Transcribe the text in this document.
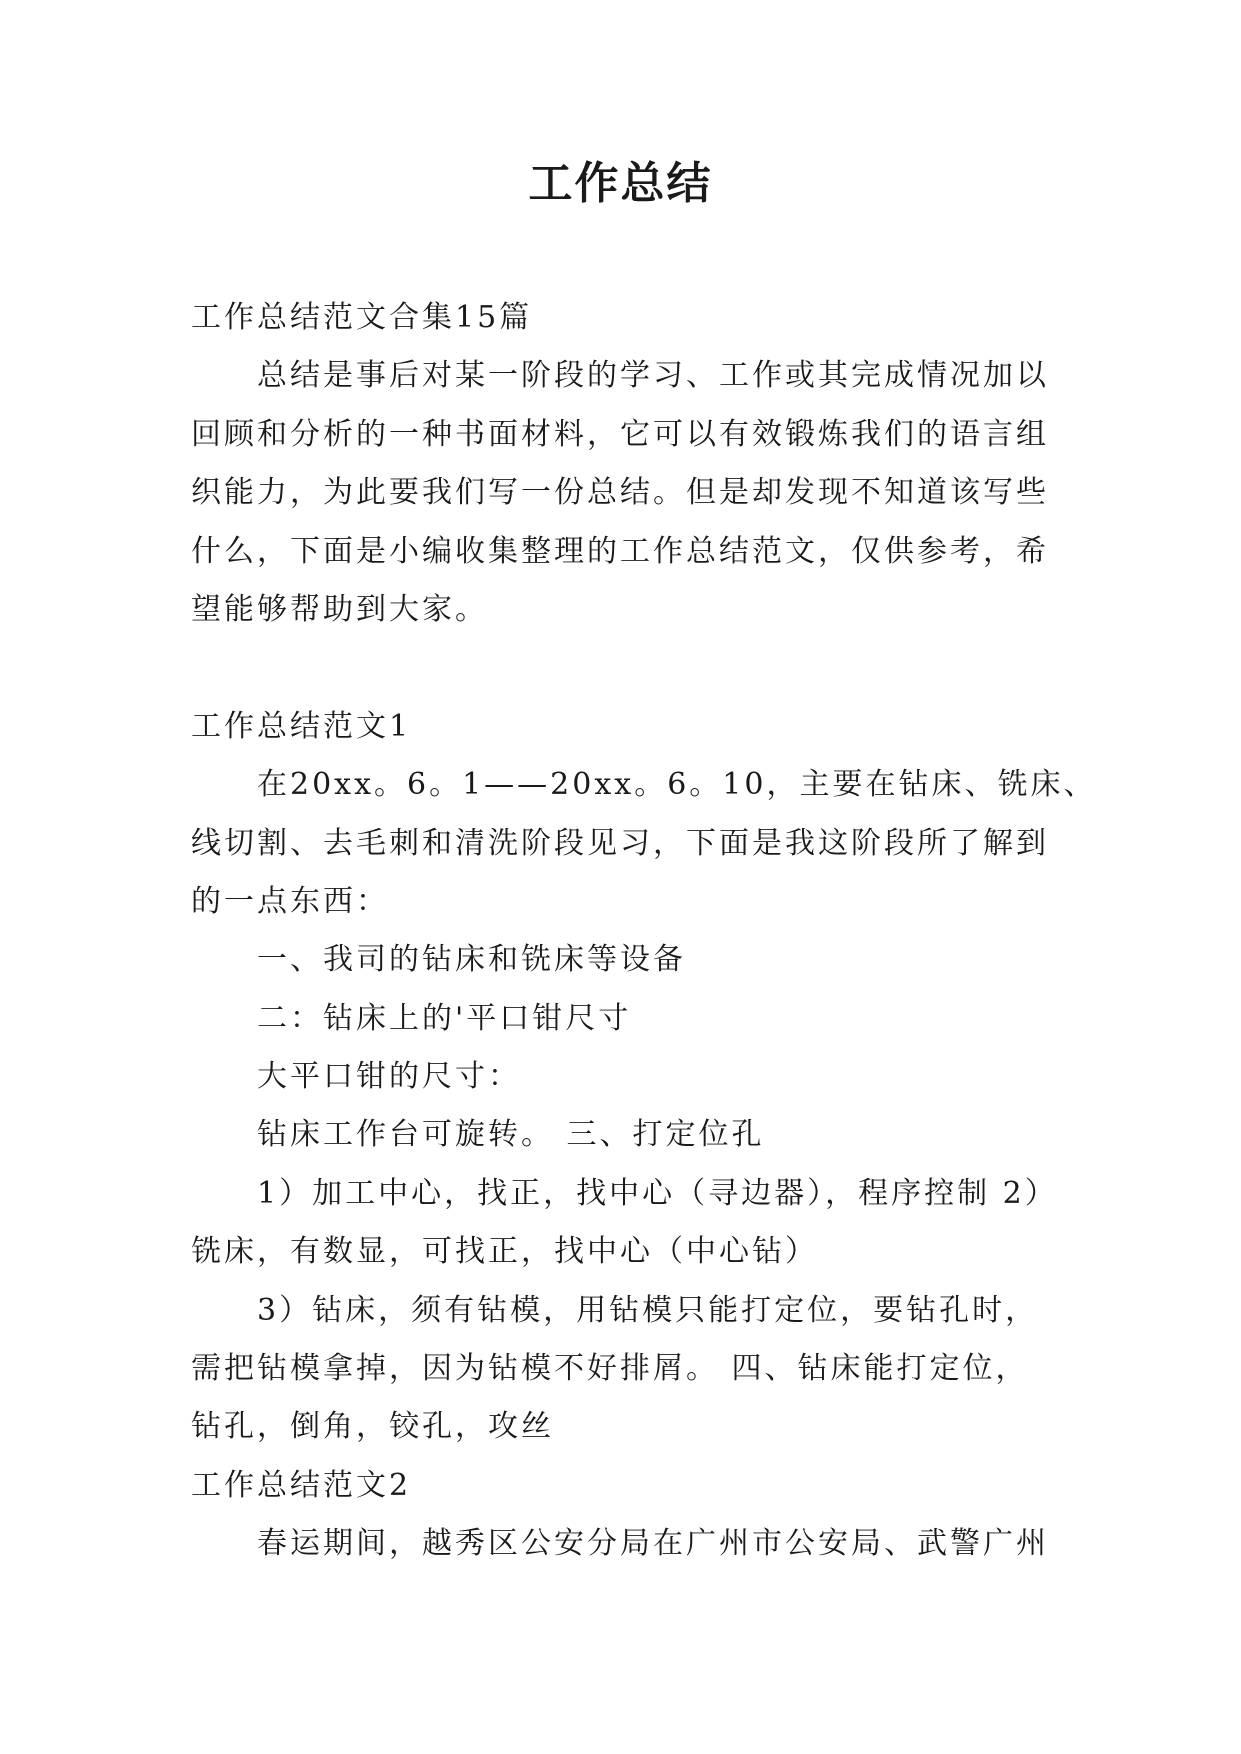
工作总结
工作总结范文合集15篇
总结是事后对某一阶段的学习、工作或其完成情况加以
回顾和分析的一种书面材料，它可以有效锻炼我们的语言组
织能力，为此要我们写一份总结。但是却发现不知道该写些
什么，下面是小编收集整理的工作总结范文，仅供参考，希
望能够帮助到大家。
工作总结范文1
在20xx。6。1——20xx。6。10，主要在钻床、铣床、
线切割、去毛刺和清洗阶段见习，下面是我这阶段所了解到
的一点东西：
一、我司的钻床和铣床等设备
二：钻床上的'平口钳尺寸
大平口钳的尺寸：
钻床工作台可旋转。 三、打定位孔
1）加工中心，找正，找中心（寻边器），程序控制 2）
铣床，有数显，可找正，找中心（中心钻）
3）钻床，须有钻模，用钻模只能打定位，要钻孔时，
需把钻模拿掉，因为钻模不好排屑。 四、钻床能打定位，
钻孔，倒角，铰孔，攻丝
工作总结范文2
春运期间，越秀区公安分局在广州市公安局、武警广州
